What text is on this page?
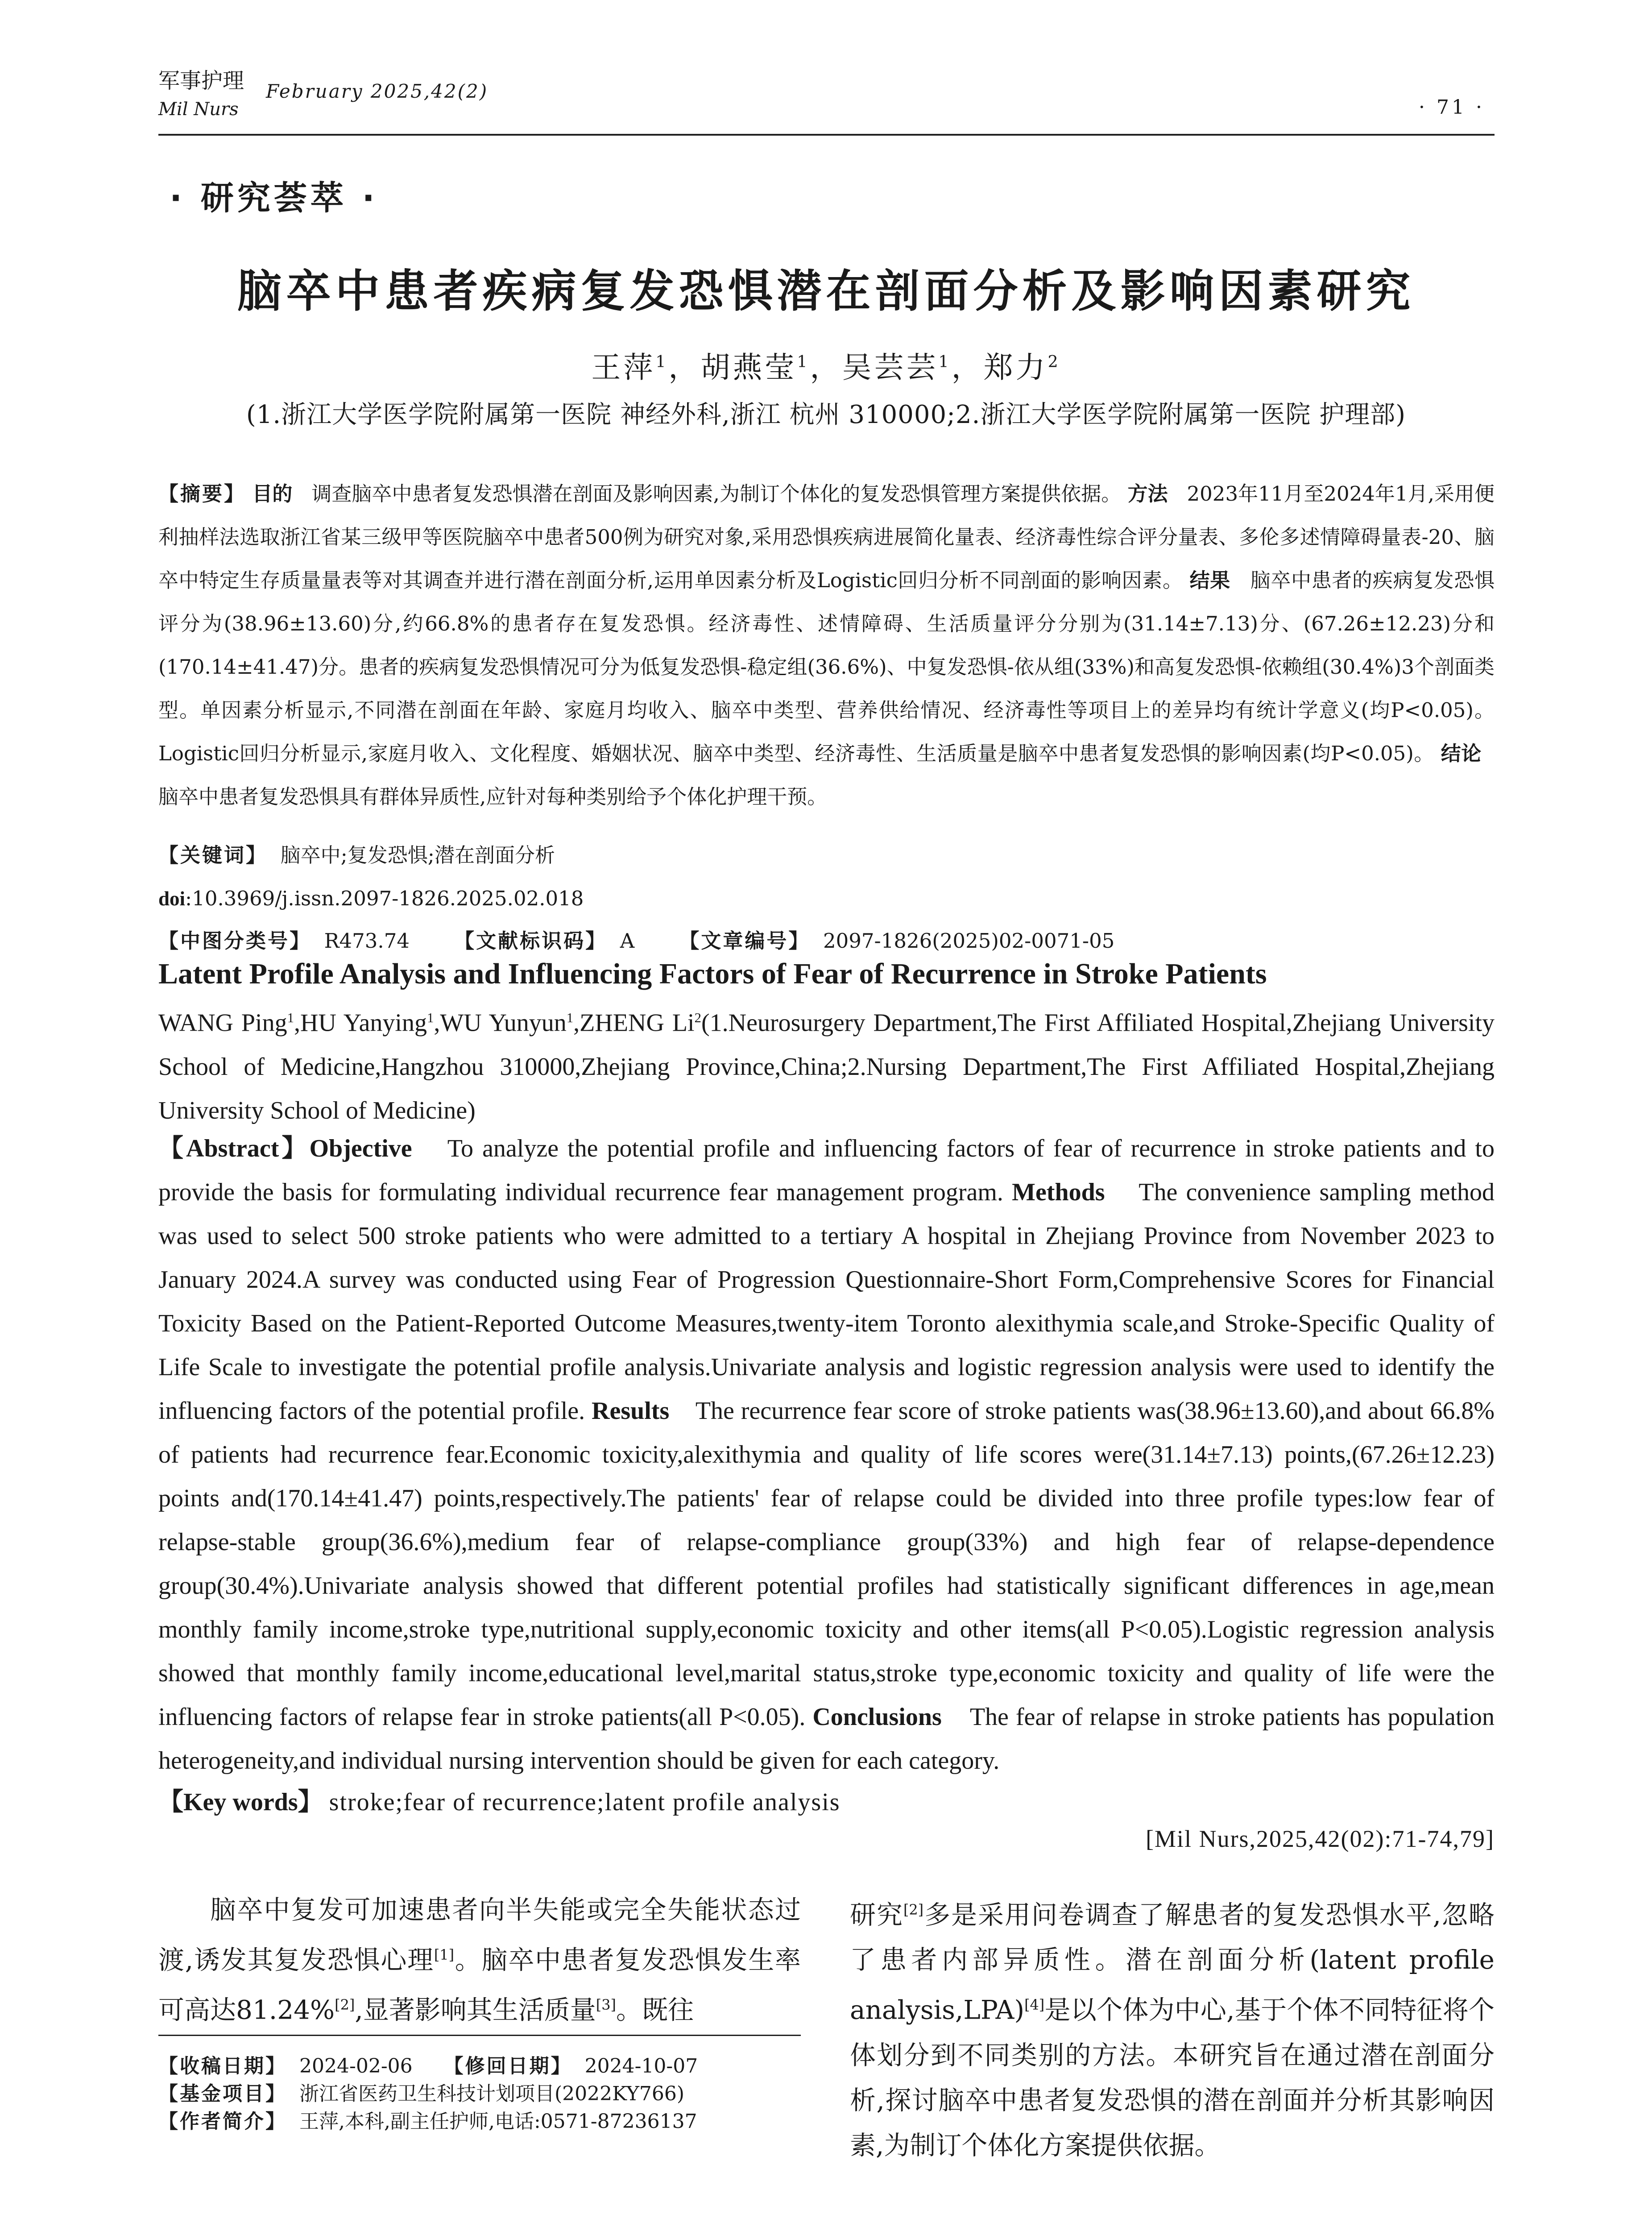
军事护理
Mil Nurs
February 2025,42(2)
· 71 ·
· 研究荟萃 ·
脑卒中患者疾病复发恐惧潜在剖面分析及影响因素研究
王萍$^1$，胡燕莹$^1$，吴芸芸$^1$，郑力$^2$
(1.浙江大学医学院附属第一医院 神经外科,浙江 杭州 310000;2.浙江大学医学院附属第一医院 护理部)
【摘要】 目的 调查脑卒中患者复发恐惧潜在剖面及影响因素,为制订个体化的复发恐惧管理方案提供依据。 方法 2023年11月至2024年1月,采用便利抽样法选取浙江省某三级甲等医院脑卒中患者500例为研究对象,采用恐惧疾病进展简化量表、经济毒性综合评分量表、多伦多述情障碍量表-20、脑卒中特定生存质量量表等对其调查并进行潜在剖面分析,运用单因素分析及Logistic回归分析不同剖面的影响因素。 结果 脑卒中患者的疾病复发恐惧评分为(38.96±13.60)分,约66.8%的患者存在复发恐惧。经济毒性、述情障碍、生活质量评分分别为(31.14±7.13)分、(67.26±12.23)分和(170.14±41.47)分。患者的疾病复发恐惧情况可分为低复发恐惧-稳定组(36.6%)、中复发恐惧-依从组(33%)和高复发恐惧-依赖组(30.4%)3个剖面类型。单因素分析显示,不同潜在剖面在年龄、家庭月均收入、脑卒中类型、营养供给情况、经济毒性等项目上的差异均有统计学意义(均P<0.05)。Logistic回归分析显示,家庭月收入、文化程度、婚姻状况、脑卒中类型、经济毒性、生活质量是脑卒中患者复发恐惧的影响因素(均P<0.05)。 结论   脑卒中患者复发恐惧具有群体异质性,应针对每种类别给予个体化护理干预。
【关键词】 脑卒中;复发恐惧;潜在剖面分析
doi:10.3969/j.issn.2097-1826.2025.02.018
【中图分类号】 R473.74 【文献标识码】 A 【文章编号】 2097-1826(2025)02-0071-05
Latent Profile Analysis and Influencing Factors of Fear of Recurrence in Stroke Patients
WANG Ping$^1$,HU Yanying$^1$,WU Yunyun$^1$,ZHENG Li$^2$(1.Neurosurgery Department,The First Affiliated Hospital,Zhejiang University School of Medicine,Hangzhou 310000,Zhejiang Province,China;2.Nursing Department,The First Affiliated Hospital,Zhejiang University School of Medicine)
【Abstract】Objective To analyze the potential profile and influencing factors of fear of recurrence in stroke patients and to provide the basis for formulating individual recurrence fear management program. Methods The convenience sampling method was used to select 500 stroke patients who were admitted to a tertiary A hospital in Zhejiang Province from November 2023 to January 2024.A survey was conducted using Fear of Progression Questionnaire-Short Form,Comprehensive Scores for Financial Toxicity Based on the Patient-Reported Outcome Measures,twenty-item Toronto alexithymia scale,and Stroke-Specific Quality of Life Scale to investigate the potential profile analysis.Univariate analysis and logistic regression analysis were used to identify the influencing factors of the potential profile. Results The recurrence fear score of stroke patients was(38.96±13.60),and about 66.8% of patients had recurrence fear.Economic toxicity,alexithymia and quality of life scores were(31.14±7.13) points,(67.26±12.23) points and(170.14±41.47) points,respectively.The patients' fear of relapse could be divided into three profile types:low fear of relapse-stable group(36.6%),medium fear of relapse-compliance group(33%) and high fear of relapse-dependence group(30.4%).Univariate analysis showed that different potential profiles had statistically significant differences in age,mean monthly family income,stroke type,nutritional supply,economic toxicity and other items(all P<0.05).Logistic regression analysis showed that monthly family income,educational level,marital status,stroke type,economic toxicity and quality of life were the influencing factors of relapse fear in stroke patients(all P<0.05). Conclusions The fear of relapse in stroke patients has population heterogeneity,and individual nursing intervention should be given for each category.
【Key words】 stroke;fear of recurrence;latent profile analysis
[Mil Nurs,2025,42(02):71-74,79]
脑卒中复发可加速患者向半失能或完全失能状态过渡,诱发其复发恐惧心理[1]。脑卒中患者复发恐惧发生率可高达81.24%[2],显著影响其生活质量[3]。既往
研究[2]多是采用问卷调查了解患者的复发恐惧水平,忽略了患者内部异质性。潜在剖面分析(latent profile analysis,LPA)[4]是以个体为中心,基于个体不同特征将个体划分到不同类别的方法。本研究旨在通过潜在剖面分析,探讨脑卒中患者复发恐惧的潜在剖面并分析其影响因素,为制订个体化方案提供依据。
【收稿日期】 2024-02-06 【修回日期】 2024-10-07
【基金项目】 浙江省医药卫生科技计划项目(2022KY766)
【作者简介】 王萍,本科,副主任护师,电话:0571-87236137
